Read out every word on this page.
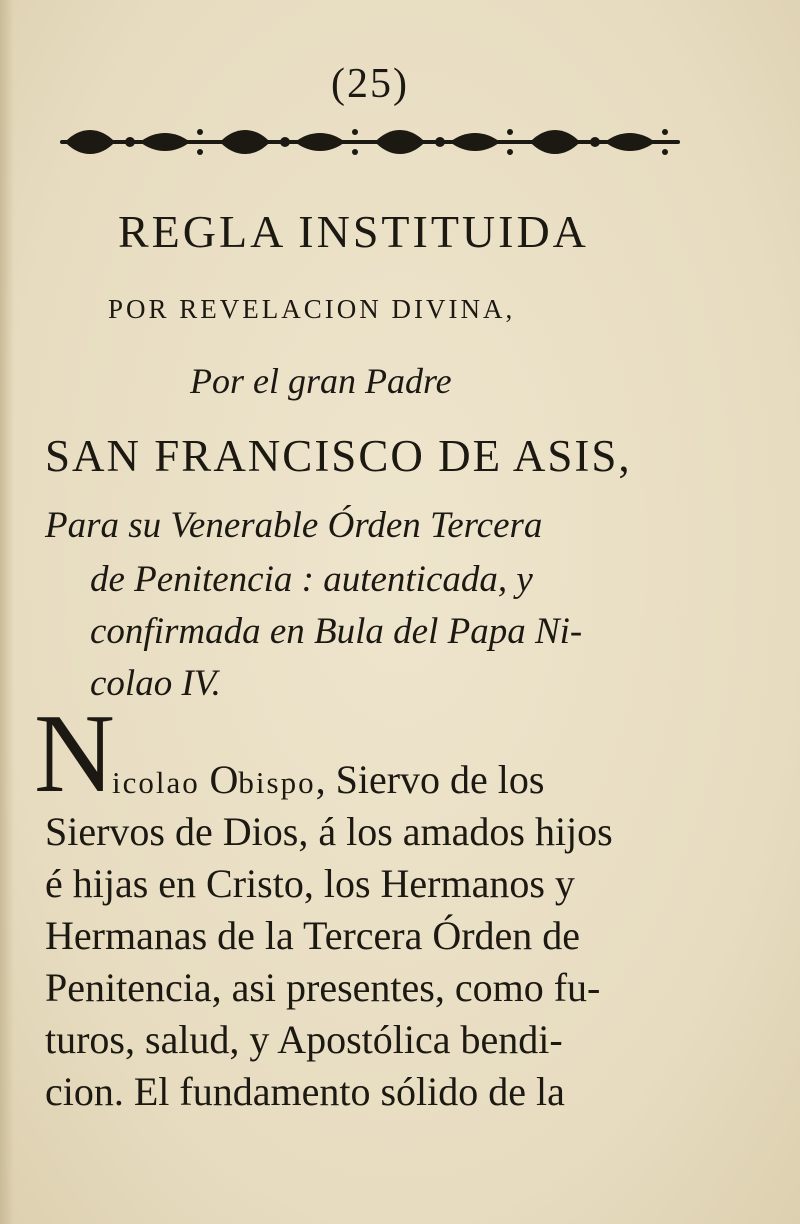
(25)
REGLA INSTITUIDA
POR REVELACION DIVINA,
Por el gran Padre
SAN FRANCISCO DE ASIS,
Para su Venerable Órden Tercera
de Penitencia : autenticada, y
confirmada en Bula del Papa Ni-
colao IV.
N
icolao Obispo, Siervo de los
Siervos de Dios, á los amados hijos
é hijas en Cristo, los Hermanos y
Hermanas de la Tercera Órden de
Penitencia, asi presentes, como fu-
turos, salud, y Apostólica bendi-
cion. El fundamento sólido de la
